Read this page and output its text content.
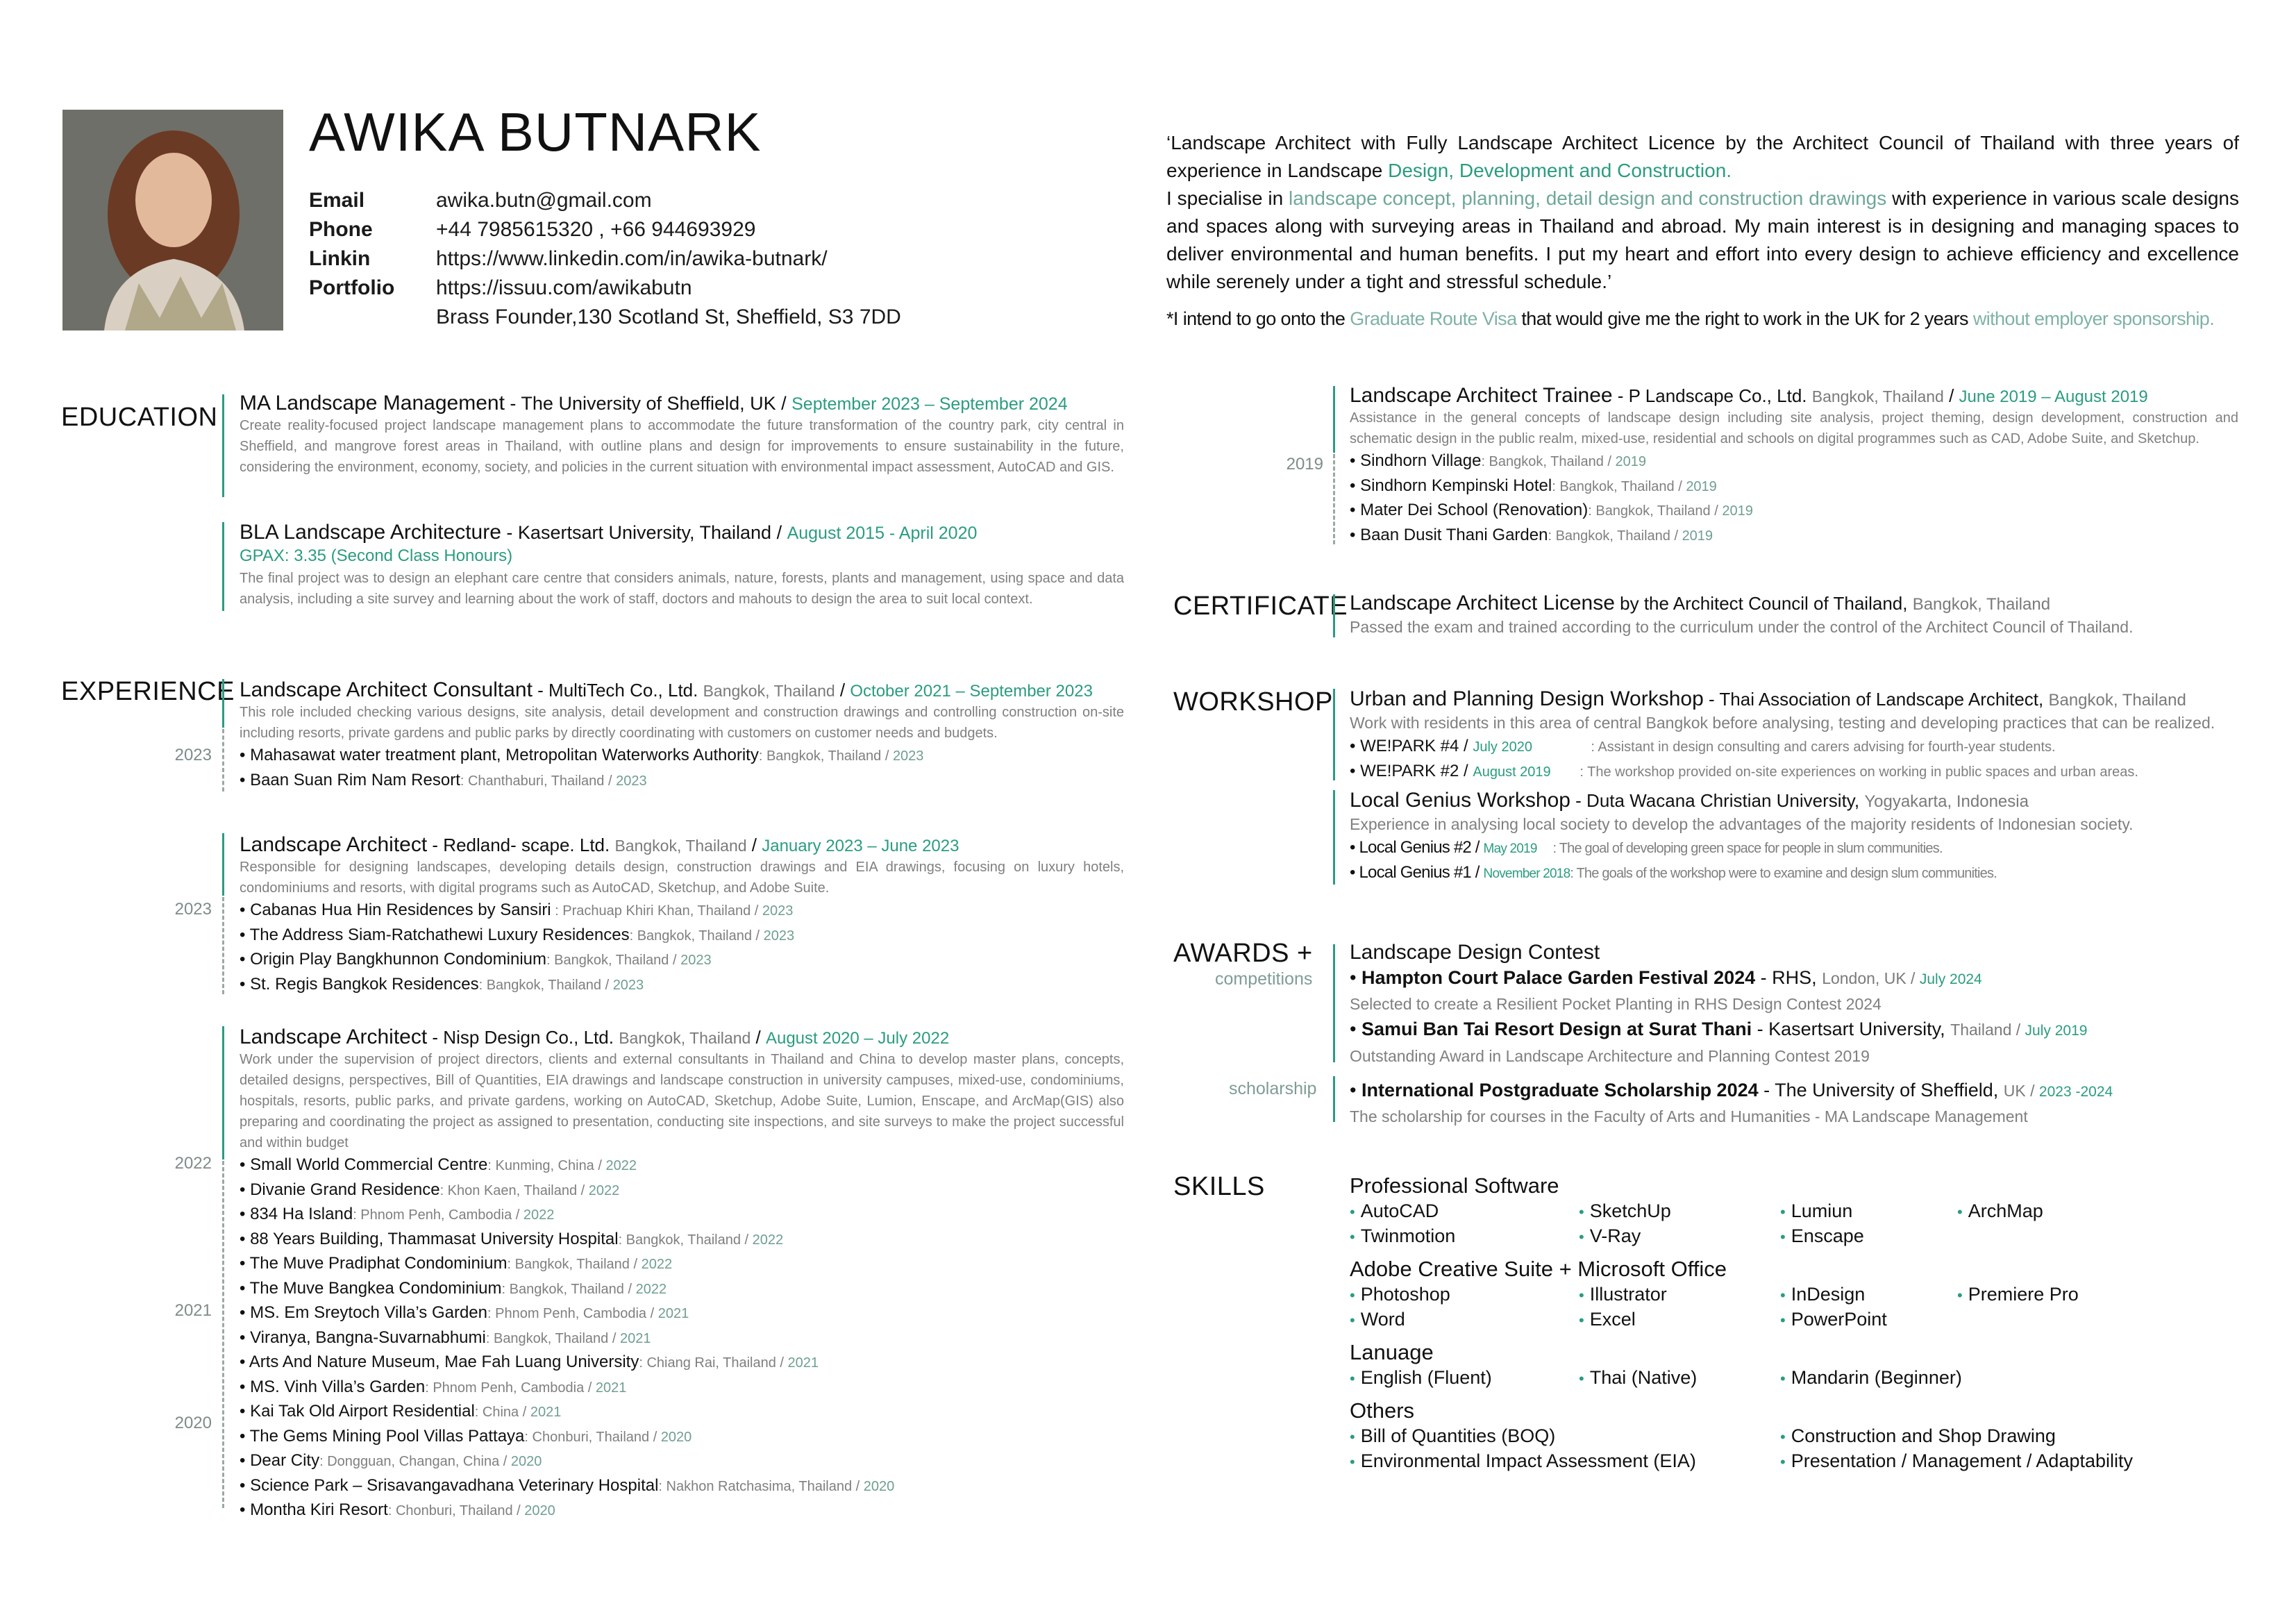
AWIKA BUTNARK
Email	awika.butn@gmail.com
Phone	+44 7985615320 , +66 944693929
Linkin	https://www.linkedin.com/in/awika-butnark/
Portfolio https://issuu.com/awikabutn
Brass Founder,130 Scotland St, Sheffield, S3 7DD
‘Landscape Architect with Fully Landscape Architect Licence by the Architect Council of Thailand with three years of experience in Landscape Design, Development and Construction.
I specialise in landscape concept, planning, detail design and construction drawings with experience in various scale designs and spaces along with surveying areas in Thailand and abroad. My main interest is in designing and managing spaces to deliver environmental and human benefits. I put my heart and effort into every design to achieve efficiency and excellence while serenely under a tight and stressful schedule.’
*I intend to go onto the Graduate Route Visa that would give me the right to work in the UK for 2 years without employer sponsorship.
EDUCATION MA Landscape Management - The University of Sheffield, UK / September 2023 – September 2024
Create reality-focused project landscape management plans to accommodate the future transformation of the country park, city central in Sheffield, and mangrove forest areas in Thailand, with outline plans and design for improvements to ensure sustainability in the future, considering the environment, economy, society, and policies in the current situation with environmental impact assessment, AutoCAD and GIS.
BLA Landscape Architecture - Kasertsart University, Thailand / August 2015 - April 2020
GPAX: 3.35 (Second Class Honours)
The final project was to design an elephant care centre that considers animals, nature, forests, plants and management, using space and data analysis, including a site survey and learning about the work of staff, doctors and mahouts to design the area to suit local context.
EXPERIENCE
2023
Landscape Architect Consultant - MultiTech Co., Ltd. Bangkok, Thailand / October 2021 – September 2023
This role included checking various designs, site analysis, detail development and construction drawings and controlling construction on-site including resorts, private gardens and public parks by directly coordinating with customers on customer needs and budgets.
• Mahasawat water treatment plant, Metropolitan Waterworks Authority: Bangkok, Thailand / 2023
• Baan Suan Rim Nam Resort: Chanthaburi, Thailand / 2023
2023
Landscape Architect - Redland- scape. Ltd. Bangkok, Thailand / January 2023 – June 2023
Responsible for designing landscapes, developing details design, construction drawings and EIA drawings, focusing on luxury hotels, condominiums and resorts, with digital programs such as AutoCAD, Sketchup, and Adobe Suite.
• Cabanas Hua Hin Residences by Sansiri : Prachuap Khiri Khan, Thailand / 2023
• The Address Siam-Ratchathewi Luxury Residences: Bangkok, Thailand / 2023
• Origin Play Bangkhunnon Condominium: Bangkok, Thailand / 2023
• St. Regis Bangkok Residences: Bangkok, Thailand / 2023
2022
2021
2020
Landscape Architect - Nisp Design Co., Ltd. Bangkok, Thailand / August 2020 – July 2022
Work under the supervision of project directors, clients and external consultants in Thailand and China to develop master plans, concepts, detailed designs, perspectives, Bill of Quantities, EIA drawings and landscape construction in university campuses, mixed-use, condominiums, hospitals, resorts, public parks, and private gardens, working on AutoCAD, Sketchup, Adobe Suite, Lumion, Enscape, and ArcMap(GIS) also preparing and coordinating the project as assigned to presentation, conducting site inspections, and site surveys to make the project successful and within budget
• Small World Commercial Centre: Kunming, China / 2022
• Divanie Grand Residence: Khon Kaen, Thailand / 2022
• 834 Ha Island: Phnom Penh, Cambodia / 2022
• 88 Years Building, Thammasat University Hospital: Bangkok, Thailand / 2022
• The Muve Pradiphat Condominium: Bangkok, Thailand / 2022
• The Muve Bangkea Condominium: Bangkok, Thailand / 2022
• MS. Em Sreytoch Villa’s Garden: Phnom Penh, Cambodia / 2021
• Viranya, Bangna-Suvarnabhumi: Bangkok, Thailand / 2021
• Arts And Nature Museum, Mae Fah Luang University: Chiang Rai, Thailand / 2021
• MS. Vinh Villa’s Garden: Phnom Penh, Cambodia / 2021
• Kai Tak Old Airport Residential: China / 2021
• The Gems Mining Pool Villas Pattaya: Chonburi, Thailand / 2020
• Dear City: Dongguan, Changan, China / 2020
• Science Park – Srisavangavadhana Veterinary Hospital: Nakhon Ratchasima, Thailand / 2020
• Montha Kiri Resort: Chonburi, Thailand / 2020
2019
Landscape Architect Trainee - P Landscape Co., Ltd. Bangkok, Thailand / June 2019 – August 2019
Assistance in the general concepts of landscape design including site analysis, project theming, design development, construction and schematic design in the public realm, mixed-use, residential and schools on digital programmes such as CAD, Adobe Suite, and Sketchup.
• Sindhorn Village: Bangkok, Thailand / 2019
• Sindhorn Kempinski Hotel: Bangkok, Thailand / 2019
• Mater Dei School (Renovation): Bangkok, Thailand / 2019
• Baan Dusit Thani Garden: Bangkok, Thailand / 2019
CERTIFICATE Landscape Architect License by the Architect Council of Thailand, Bangkok, Thailand
Passed the exam and trained according to the curriculum under the control of the Architect Council of Thailand.
WORKSHOP Urban and Planning Design Workshop - Thai Association of Landscape Architect, Bangkok, Thailand
Work with residents in this area of central Bangkok before analysing, testing and developing practices that can be realized.
• WE!PARK #4 / July 2020	: Assistant in design consulting and carers advising for fourth-year students.
• WE!PARK #2 / August 2019 : The workshop provided on-site experiences on working in public spaces and urban areas.
Local Genius Workshop - Duta Wacana Christian University, Yogyakarta, Indonesia
Experience in analysing local society to develop the advantages of the majority residents of Indonesian society.
• Local Genius #2 / May 2019 : The goal of developing green space for people in slum communities.
• Local Genius #1 / November 2018: The goals of the workshop were to examine and design slum communities.
AWARDS +
competitions
scholarship
Landscape Design Contest
• Hampton Court Palace Garden Festival 2024 - RHS, London, UK / July 2024
Selected to create a Resilient Pocket Planting in RHS Design Contest 2024
• Samui Ban Tai Resort Design at Surat Thani - Kasertsart University, Thailand / July 2019
Outstanding Award in Landscape Architecture and Planning Contest 2019
• International Postgraduate Scholarship 2024 - The University of Sheffield, UK / 2023 -2024
The scholarship for courses in the Faculty of Arts and Humanities - MA Landscape Management
SKILLS	Professional Software
• AutoCAD	• SketchUp	• Lumiun	• ArchMap
• Twinmotion	• V-Ray	• Enscape
Adobe Creative Suite + Microsoft Office
• Photoshop	• Illustrator	• InDesign	• Premiere Pro
• Word	• Excel	• PowerPoint
Lanuage
• English (Fluent)	• Thai (Native)	• Mandarin (Beginner)
Others
• Bill of Quantities (BOQ)	• Construction and Shop Drawing
• Environmental Impact Assessment (EIA)	• Presentation / Management / Adaptability
